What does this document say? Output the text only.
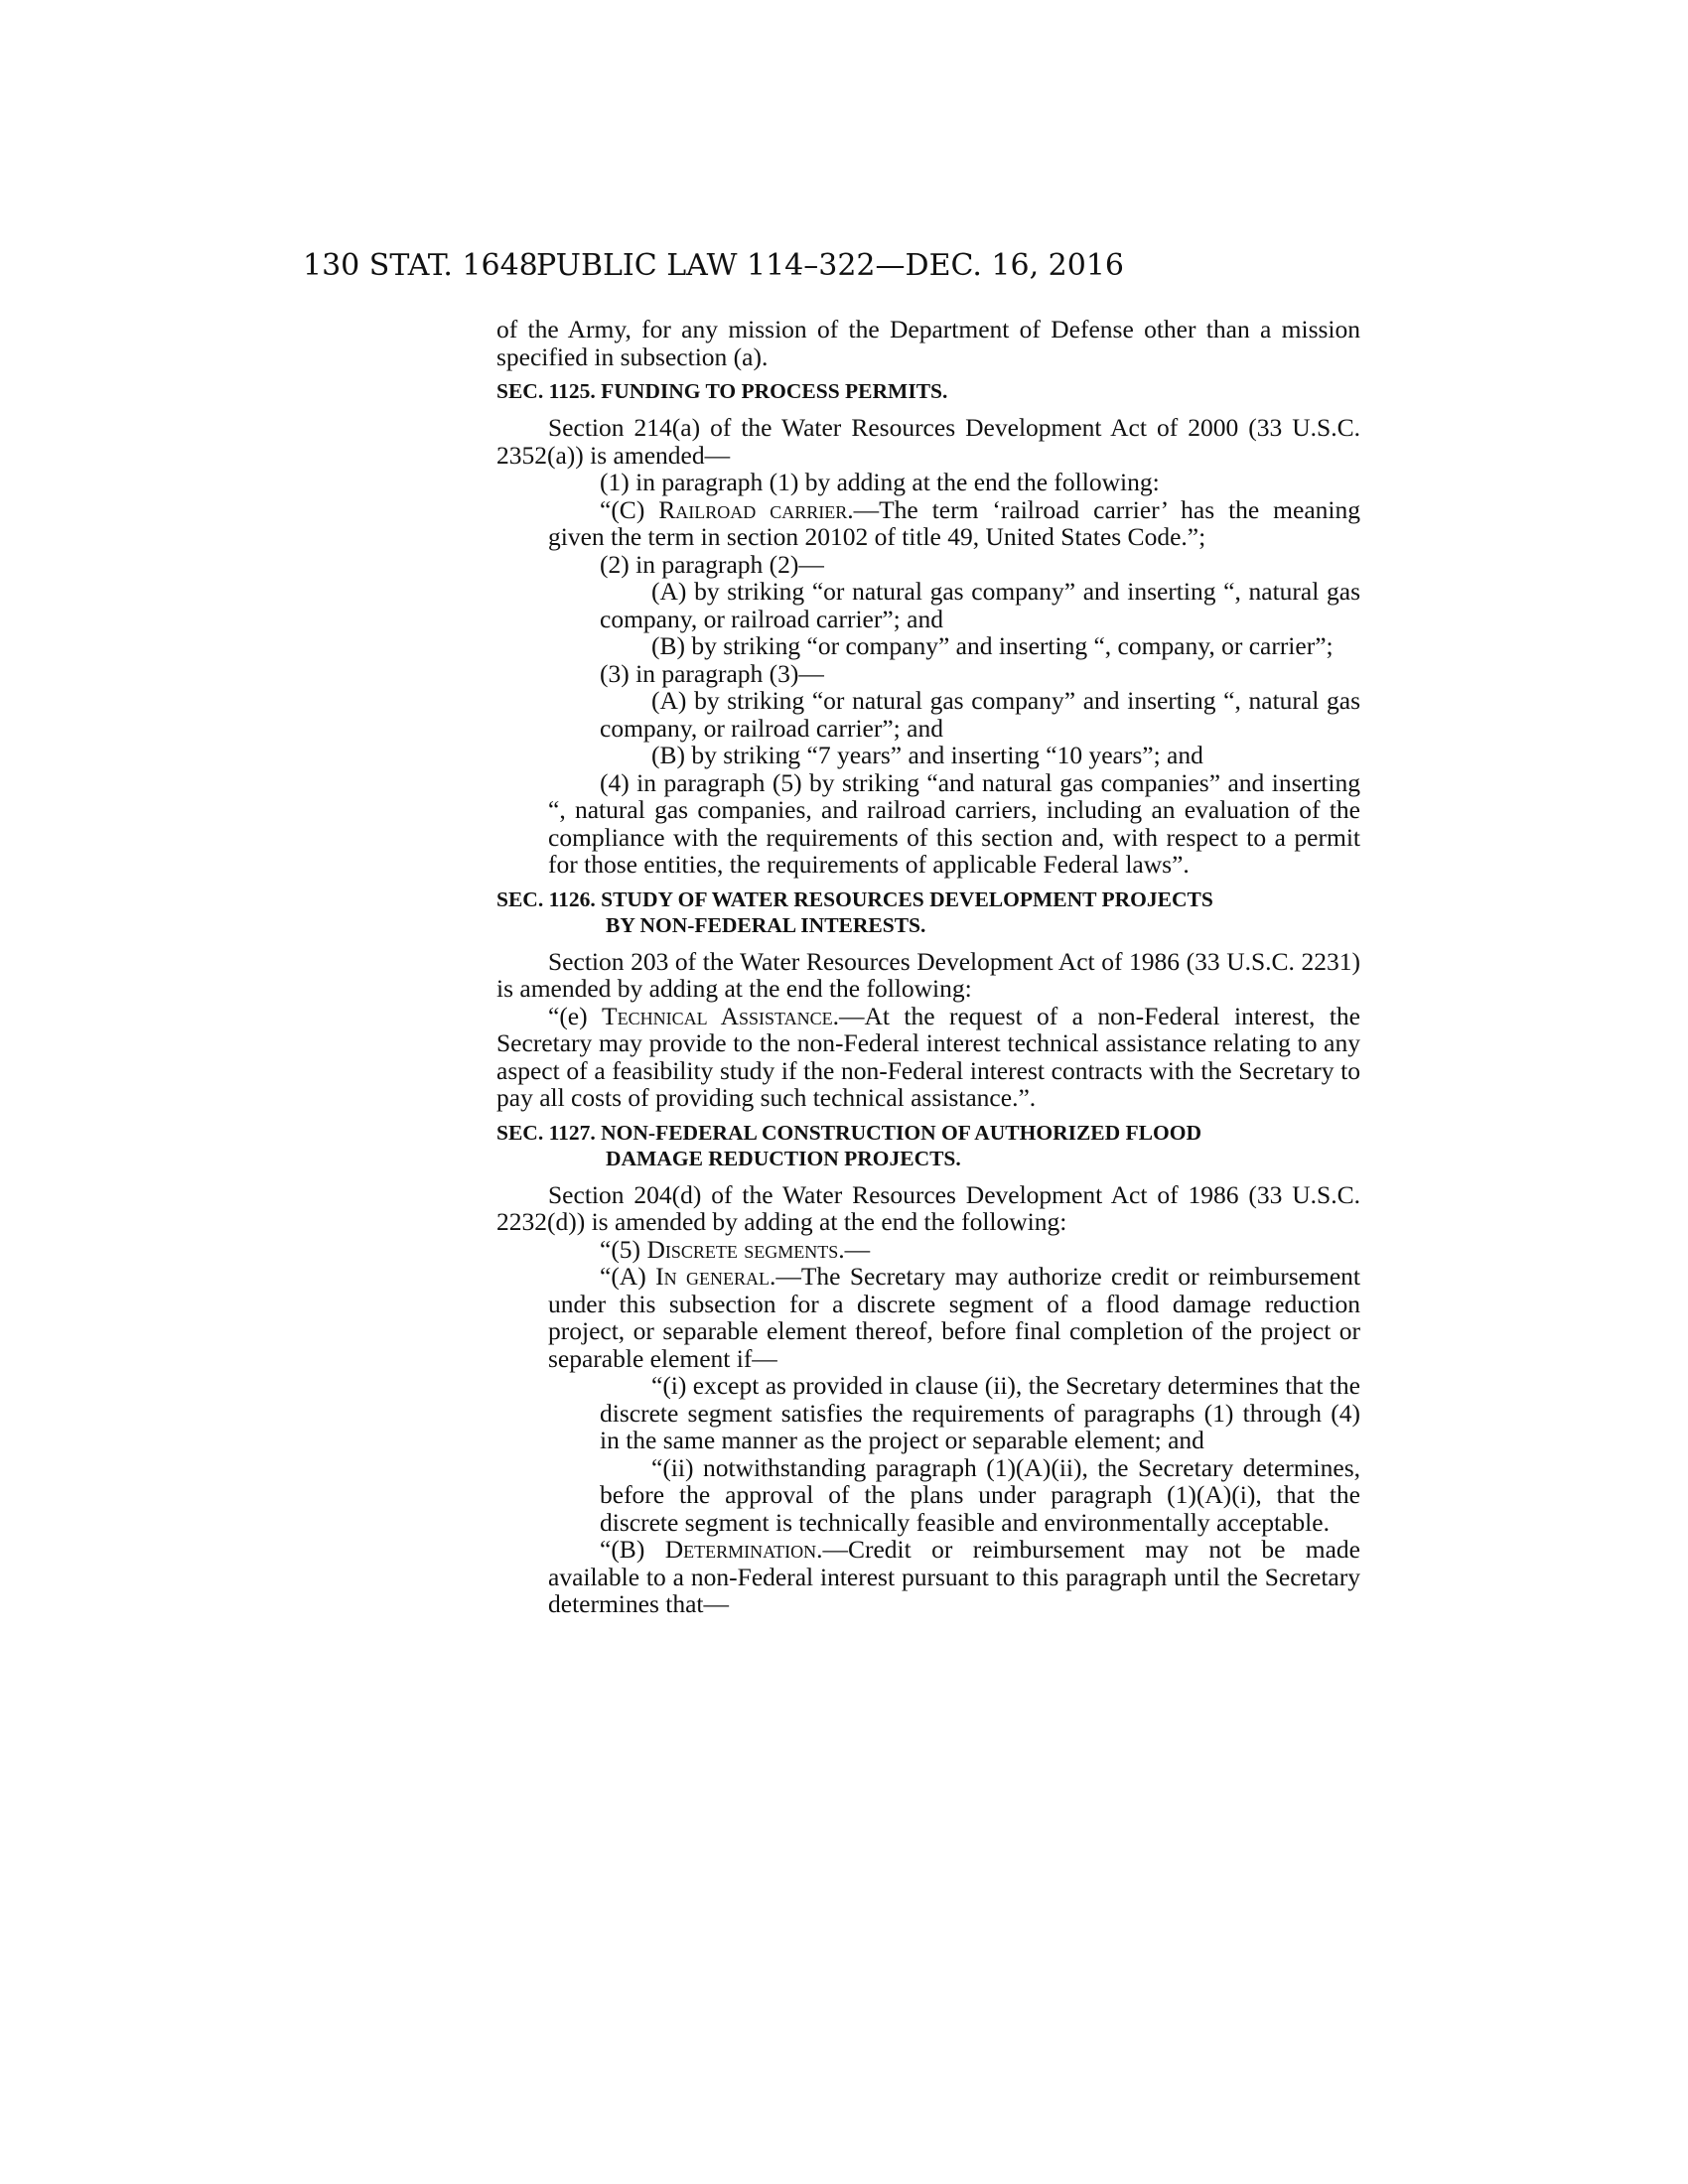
130 STAT. 1648
PUBLIC LAW 114–322—DEC. 16, 2016

of the Army, for any mission of the Department of Defense other than a mission specified in subsection (a).

SEC. 1125. FUNDING TO PROCESS PERMITS.

Section 214(a) of the Water Resources Development Act of 2000 (33 U.S.C. 2352(a)) is amended—

(1) in paragraph (1) by adding at the end the following:

“(C) Railroad carrier.—The term ‘railroad carrier’ has the meaning given the term in section 20102 of title 49, United States Code.”;

(2) in paragraph (2)—

(A) by striking “or natural gas company” and inserting “, natural gas company, or railroad carrier”; and

(B) by striking “or company” and inserting “, company, or carrier”;

(3) in paragraph (3)—

(A) by striking “or natural gas company” and inserting “, natural gas company, or railroad carrier”; and

(B) by striking “7 years” and inserting “10 years”; and

(4) in paragraph (5) by striking “and natural gas companies” and inserting “, natural gas companies, and railroad carriers, including an evaluation of the compliance with the requirements of this section and, with respect to a permit for those entities, the requirements of applicable Federal laws”.

SEC. 1126. STUDY OF WATER RESOURCES DEVELOPMENT PROJECTS
BY NON-FEDERAL INTERESTS.

Section 203 of the Water Resources Development Act of 1986 (33 U.S.C. 2231) is amended by adding at the end the following:

“(e) Technical Assistance.—At the request of a non-Federal interest, the Secretary may provide to the non-Federal interest technical assistance relating to any aspect of a feasibility study if the non-Federal interest contracts with the Secretary to pay all costs of providing such technical assistance.”.

SEC. 1127. NON-FEDERAL CONSTRUCTION OF AUTHORIZED FLOOD
DAMAGE REDUCTION PROJECTS.

Section 204(d) of the Water Resources Development Act of 1986 (33 U.S.C. 2232(d)) is amended by adding at the end the following:

“(5) Discrete segments.—

“(A) In general.—The Secretary may authorize credit or reimbursement under this subsection for a discrete segment of a flood damage reduction project, or separable element thereof, before final completion of the project or separable element if—

“(i) except as provided in clause (ii), the Secretary determines that the discrete segment satisfies the requirements of paragraphs (1) through (4) in the same manner as the project or separable element; and

“(ii) notwithstanding paragraph (1)(A)(ii), the Secretary determines, before the approval of the plans under paragraph (1)(A)(i), that the discrete segment is technically feasible and environmentally acceptable.

“(B) Determination.—Credit or reimbursement may not be made available to a non-Federal interest pursuant to this paragraph until the Secretary determines that—
